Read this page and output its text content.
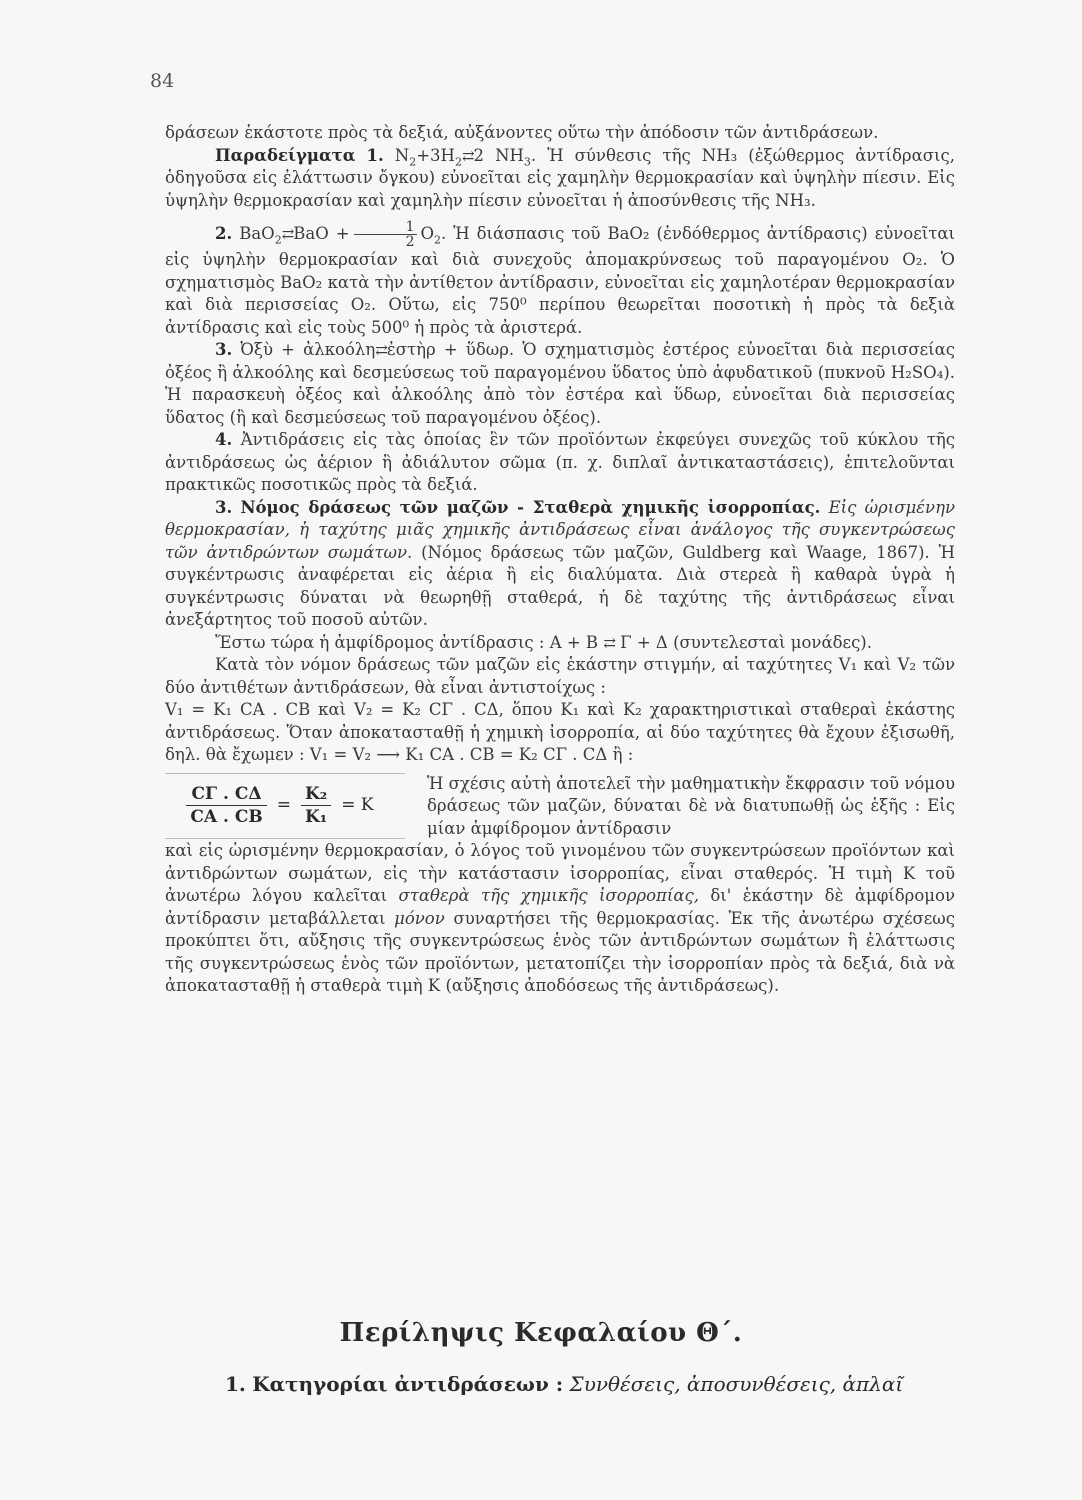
84

δράσεων ἑκάστοτε πρὸς τὰ δεξιά, αὐξάνοντες οὕτω τὴν ἀπόδοσιν τῶν ἀντιδράσεων.

Παραδείγματα 1. $N_2+3H_2⇄2$ $NH_3$. Ἡ σύνθεσις τῆς NH₃ (ἐξώθερμος ἀντίδρασις, ὁδηγοῦσα εἰς ἐλάττωσιν ὄγκου) εὐνοεῖται εἰς χαμηλὴν θερμοκρασίαν καὶ ὑψηλὴν πίεσιν. Εἰς ὑψηλὴν θερμοκρασίαν καὶ χαμηλὴν πίεσιν εὐνοεῖται ἡ ἀποσύνθεσις τῆς NH₃.

2. BaO$_2$⇄BaO + $\frac{1}{2} O_2$. Ἡ διάσπασις τοῦ BaO₂ (ἐνδόθερμος ἀντίδρασις) εὐνοεῖται εἰς ὑψηλὴν θερμοκρασίαν καὶ διὰ συνεχοῦς ἀπομακρύνσεως τοῦ παραγομένου O₂. Ὁ σχηματισμὸς BaO₂ κατὰ τὴν ἀντίθετον ἀντίδρασιν, εὐνοεῖται εἰς χαμηλοτέραν θερμοκρασίαν καὶ διὰ περισσείας O₂. Οὕτω, εἰς 750⁰ περίπου θεωρεῖται ποσοτικὴ ἡ πρὸς τὰ δεξιὰ ἀντίδρασις καὶ εἰς τοὺς 500⁰ ἡ πρὸς τὰ ἀριστερά.

3. Ὀξὺ + ἀλκοόλη⇄ἐστὴρ + ὕδωρ. Ὁ σχηματισμὸς ἐστέρος εὐνοεῖται διὰ περισσείας ὀξέος ἢ ἀλκοόλης καὶ δεσμεύσεως τοῦ παραγομένου ὕδατος ὑπὸ ἀφυδατικοῦ (πυκνοῦ H₂SO₄). Ἡ παρασκευὴ ὀξέος καὶ ἀλκοόλης ἀπὸ τὸν ἐστέρα καὶ ὕδωρ, εὐνοεῖται διὰ περισσείας ὕδατος (ἢ καὶ δεσμεύσεως τοῦ παραγομένου ὀξέος).

4. Ἀντιδράσεις εἰς τὰς ὁποίας ἓν τῶν προϊόντων ἐκφεύγει συνεχῶς τοῦ κύκλου τῆς ἀντιδράσεως ὡς ἀέριον ἢ ἀδιάλυτον σῶμα (π. χ. διπλαῖ ἀντικαταστάσεις), ἐπιτελοῦνται πρακτικῶς ποσοτικῶς πρὸς τὰ δεξιά.

3. Νόμος δράσεως τῶν μαζῶν - Σταθερὰ χημικῆς ἰσορροπίας. Εἰς ὡρισμένην θερμοκρασίαν, ἡ ταχύτης μιᾶς χημικῆς ἀντιδράσεως εἶναι ἀνάλογος τῆς συγκεντρώσεως τῶν ἀντιδρώντων σωμάτων. (Νόμος δράσεως τῶν μαζῶν, Guldberg καὶ Waage, 1867). Ἡ συγκέντρωσις ἀναφέρεται εἰς ἀέρια ἢ εἰς διαλύματα. Διὰ στερεὰ ἢ καθαρὰ ὑγρὰ ἡ συγκέντρωσις δύναται νὰ θεωρηθῇ σταθερά, ἡ δὲ ταχύτης τῆς ἀντιδράσεως εἶναι ἀνεξάρτητος τοῦ ποσοῦ αὐτῶν.

Ἔστω τώρα ἡ ἀμφίδρομος ἀντίδρασις : A + B ⇄ Γ + Δ (συντελεσταὶ μονάδες).

Κατὰ τὸν νόμον δράσεως τῶν μαζῶν εἰς ἑκάστην στιγμήν, αἱ ταχύτητες V₁ καὶ V₂ τῶν δύο ἀντιθέτων ἀντιδράσεων, θὰ εἶναι ἀντιστοίχως :

V₁ = K₁ CA . CB καὶ V₂ = K₂ CΓ . CΔ, ὅπου K₁ καὶ K₂ χαρακτηριστικαὶ σταθεραὶ ἑκάστης ἀντιδράσεως. Ὅταν ἀποκατασταθῇ ἡ χημικὴ ἰσορροπία, αἱ δύο ταχύτητες θὰ ἔχουν ἐξισωθῆ, δηλ. θὰ ἔχωμεν : V₁ = V₂ ⟶ K₁ CA . CB = K₂ CΓ . CΔ ἢ :

$\frac{C\Gamma . C\Delta}{CA . CB} = \frac{\text{K₂}}{\text{K₁}} = K$
Ἡ σχέσις αὐτὴ ἀποτελεῖ τὴν μαθηματικὴν ἔκφρασιν τοῦ νόμου δράσεως τῶν μαζῶν, δύναται δὲ νὰ διατυπωθῇ ὡς ἑξῆς : Εἰς μίαν ἀμφίδρομον ἀντίδρασιν

καὶ εἰς ὡρισμένην θερμοκρασίαν, ὁ λόγος τοῦ γινομένου τῶν συγκεντρώσεων προϊόντων καὶ ἀντιδρώντων σωμάτων, εἰς τὴν κατάστασιν ἰσορροπίας, εἶναι σταθερός. Ἡ τιμὴ K τοῦ ἀνωτέρω λόγου καλεῖται σταθερὰ τῆς χημικῆς ἰσορροπίας, δι' ἑκάστην δὲ ἀμφίδρομον ἀντίδρασιν μεταβάλλεται μόνον συναρτήσει τῆς θερμοκρασίας. Ἐκ τῆς ἀνωτέρω σχέσεως προκύπτει ὅτι, αὔξησις τῆς συγκεντρώσεως ἑνὸς τῶν ἀντιδρώντων σωμάτων ἢ ἐλάττωσις τῆς συγκεντρώσεως ἑνὸς τῶν προϊόντων, μετατοπίζει τὴν ἰσορροπίαν πρὸς τὰ δεξιά, διὰ νὰ ἀποκατασταθῇ ἡ σταθερὰ τιμὴ K (αὔξησις ἀποδόσεως τῆς ἀντιδράσεως).

Περίληψις Κεφαλαίου Θ΄.
1. Κατηγορίαι ἀντιδράσεων : Συνθέσεις, ἀποσυνθέσεις, ἁπλαῖ
